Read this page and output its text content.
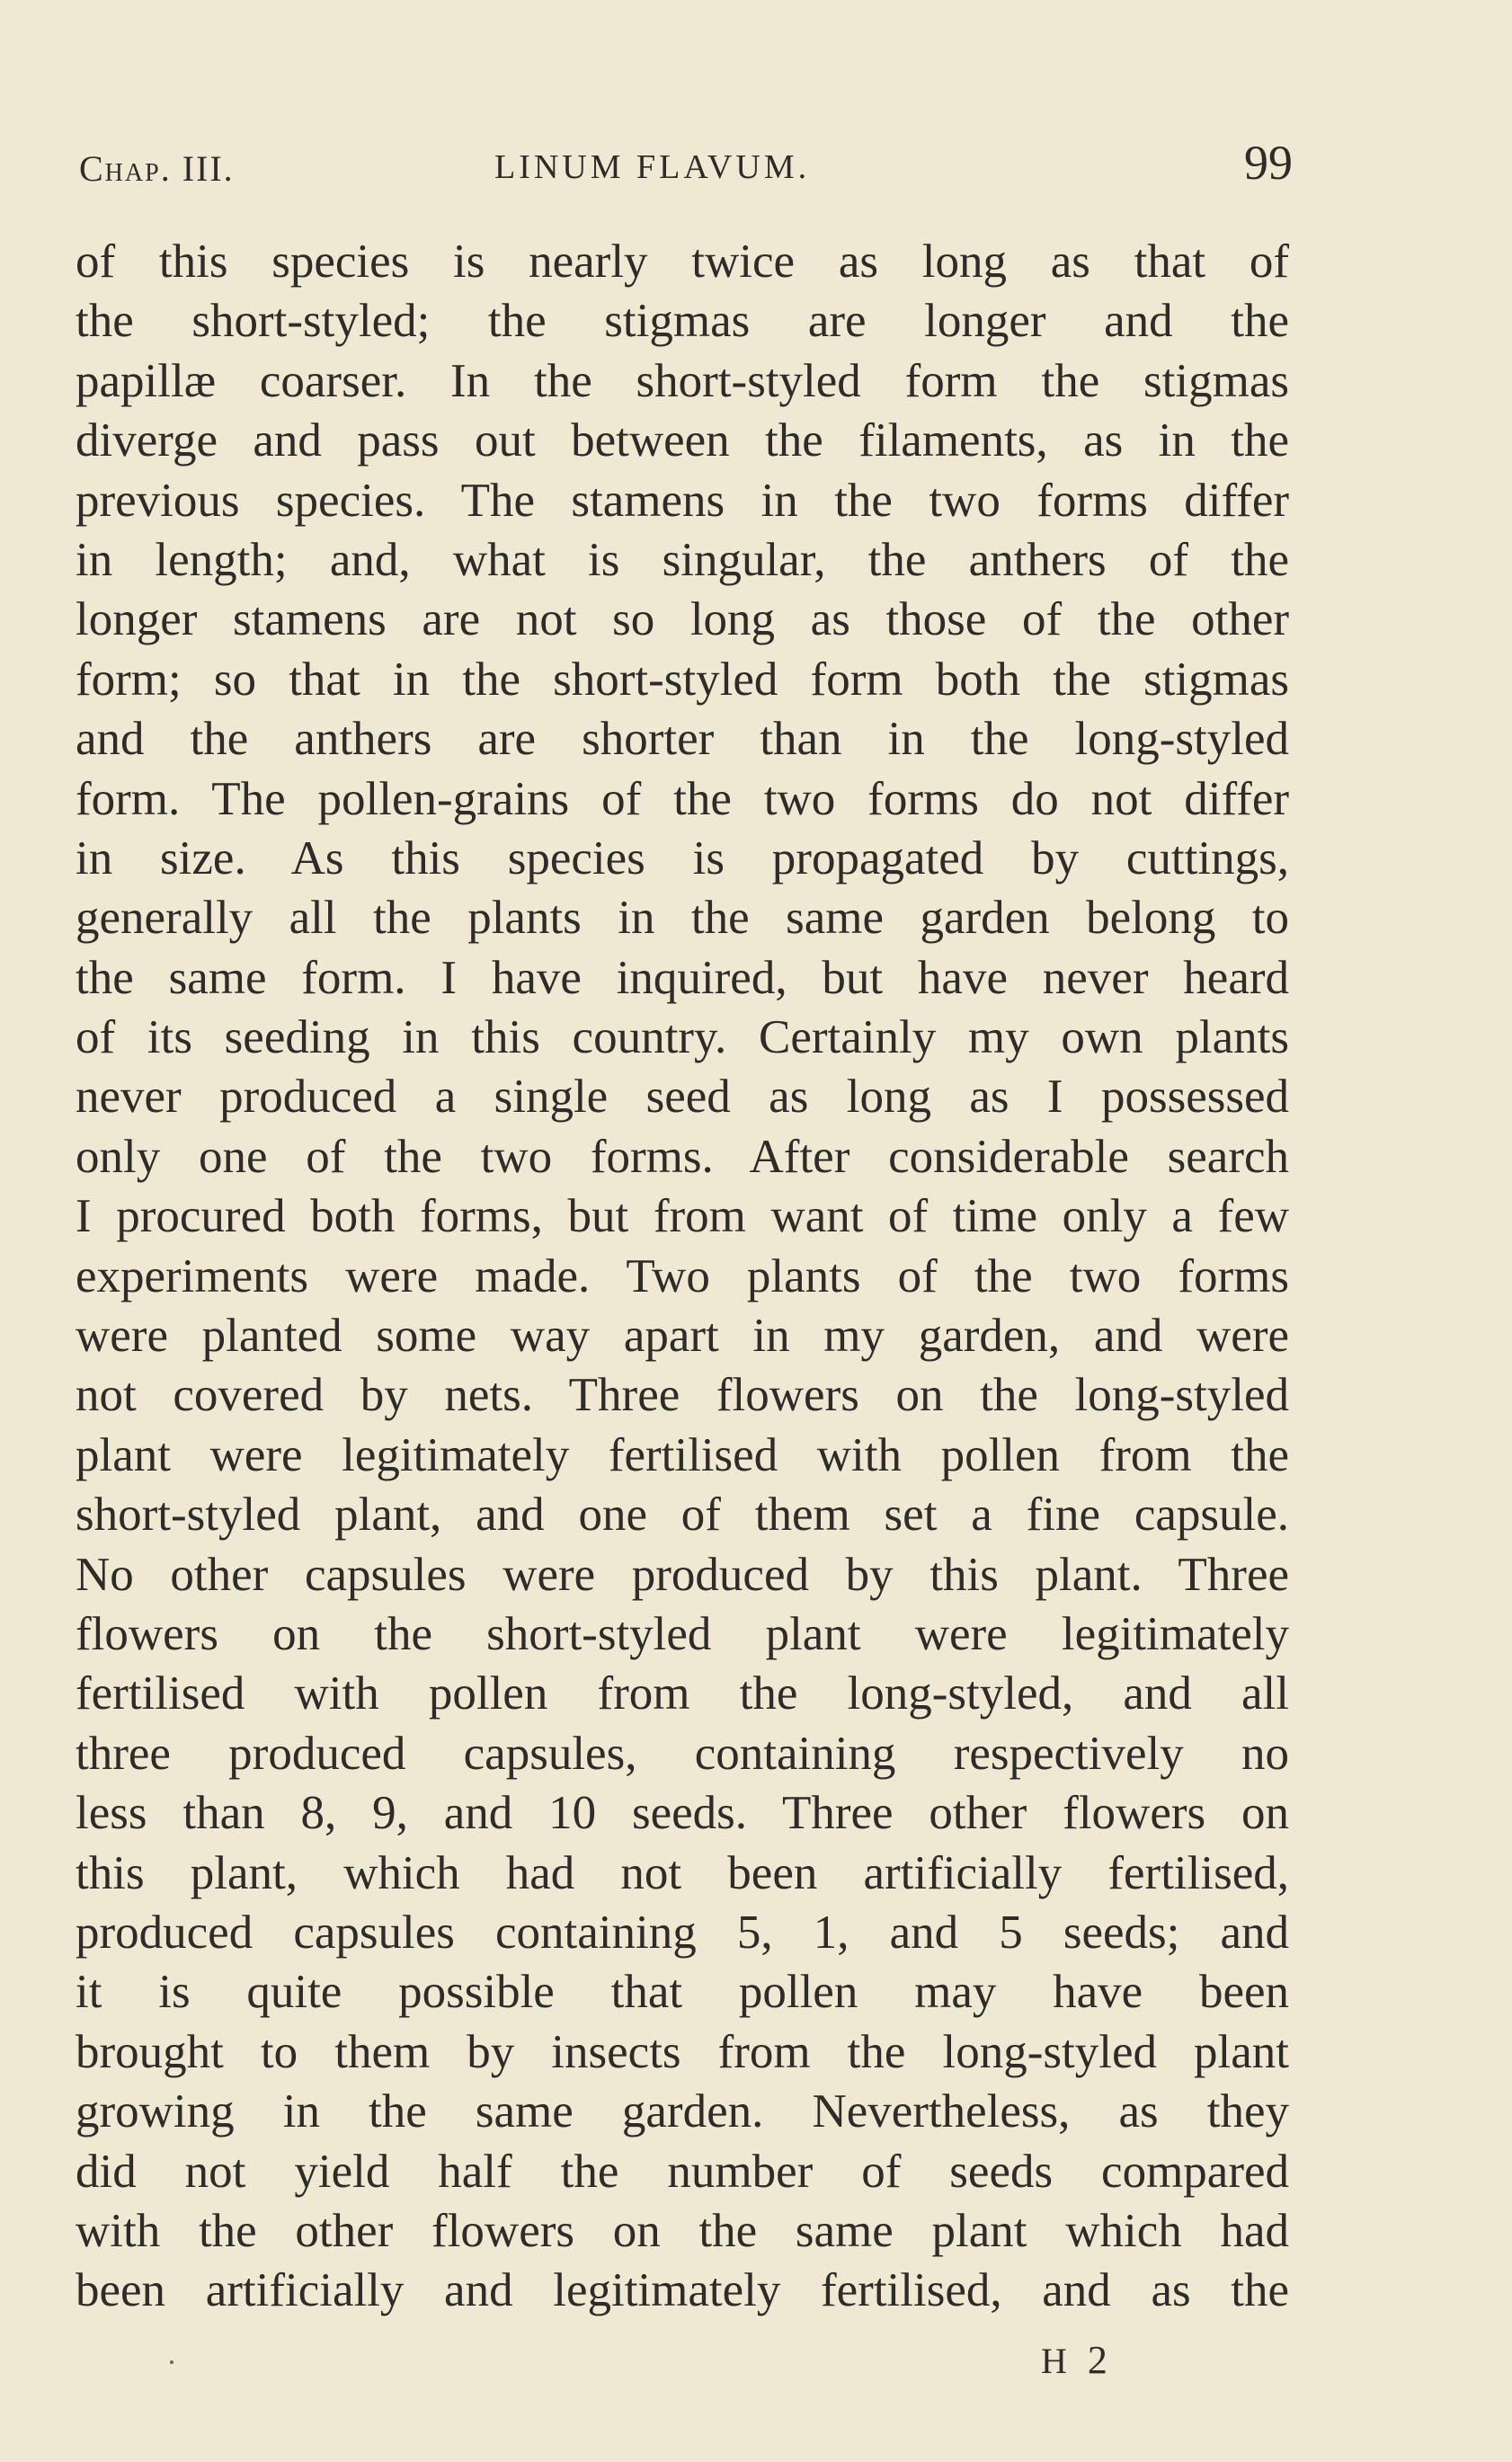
Chap. III.	LINUM FLAVUM.	99
of this species is nearly twice as long as that of
the short-styled; the stigmas are longer and the
papillæ coarser. In the short-styled form the stigmas
diverge and pass out between the filaments, as in the
previous species. The stamens in the two forms differ
in length; and, what is singular, the anthers of the
longer stamens are not so long as those of the other
form; so that in the short-styled form both the stigmas
and the anthers are shorter than in the long-styled
form. The pollen-grains of the two forms do not differ
in size. As this species is propagated by cuttings,
generally all the plants in the same garden belong to
the same form. I have inquired, but have never heard
of its seeding in this country. Certainly my own plants
never produced a single seed as long as I possessed
only one of the two forms. After considerable search
I procured both forms, but from want of time only a few
experiments were made. Two plants of the two forms
were planted some way apart in my garden, and were
not covered by nets. Three flowers on the long-styled
plant were legitimately fertilised with pollen from the
short-styled plant, and one of them set a fine capsule.
No other capsules were produced by this plant. Three
flowers on the short-styled plant were legitimately
fertilised with pollen from the long-styled, and all
three produced capsules, containing respectively no
less than 8, 9, and 10 seeds. Three other flowers on
this plant, which had not been artificially fertilised,
produced capsules containing 5, 1, and 5 seeds; and
it is quite possible that pollen may have been
brought to them by insects from the long-styled plant
growing in the same garden. Nevertheless, as they
did not yield half the number of seeds compared
with the other flowers on the same plant which had
been artificially and legitimately fertilised, and as the
H 2
